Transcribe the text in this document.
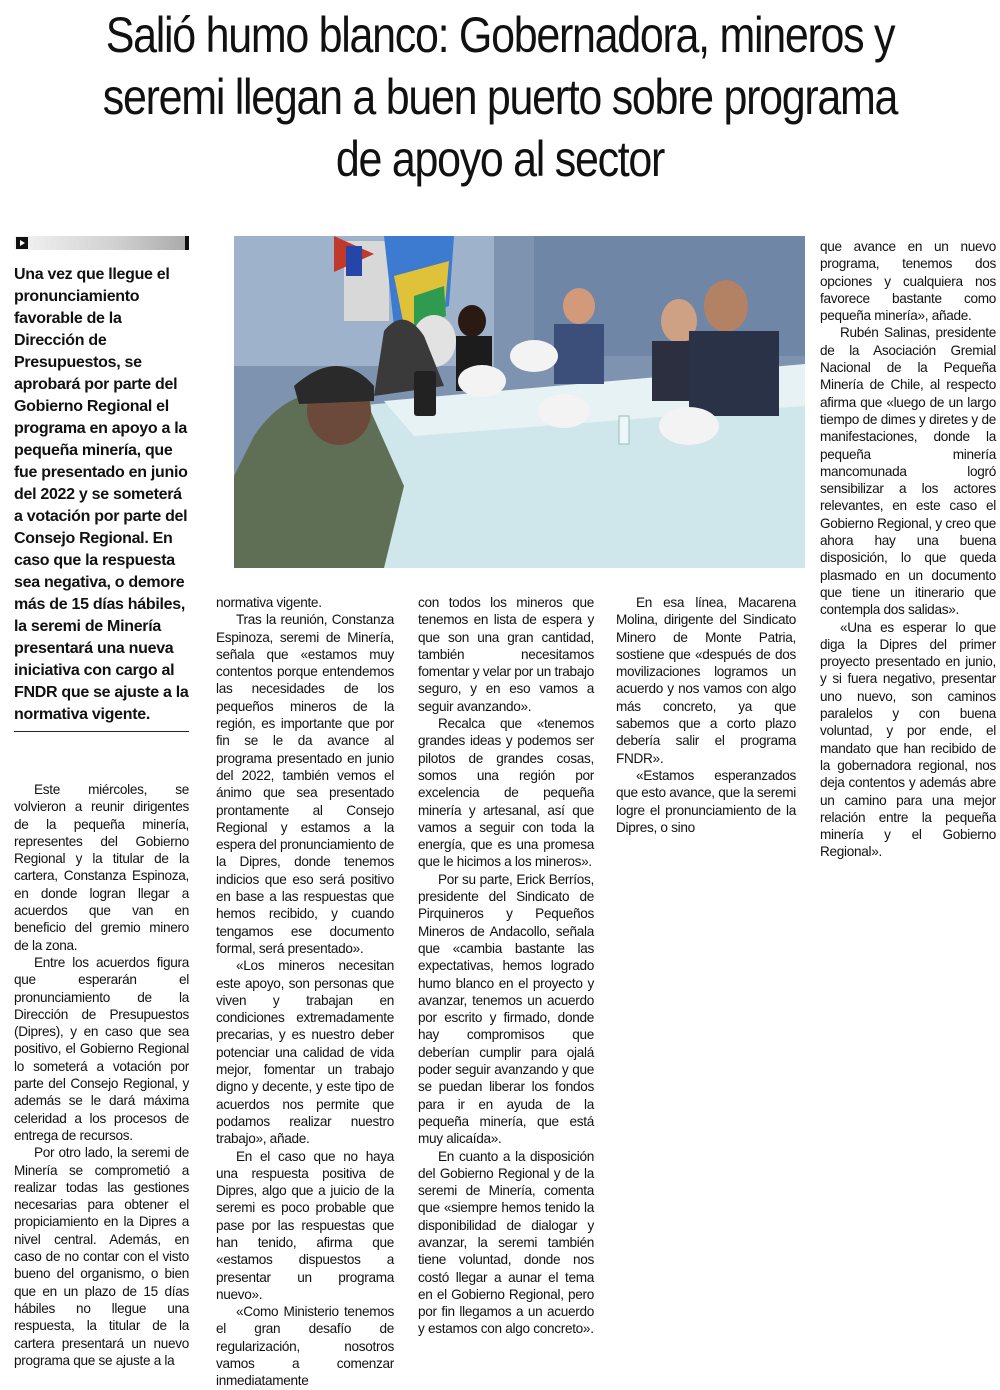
Salió humo blanco: Gobernadora, mineros y seremi llegan a buen puerto sobre programa de apoyo al sector

Una vez que llegue el pronunciamiento favorable de la Dirección de Presupuestos, se aprobará por parte del Gobierno Regional el programa en apoyo a la pequeña minería, que fue presentado en junio del 2022 y se someterá a votación por parte del Consejo Regional. En caso que la respuesta sea negativa, o demore más de 15 días hábiles, la seremi de Minería presentará una nueva iniciativa con cargo al FNDR que se ajuste a la normativa vigente.

Este miércoles, se volvieron a reunir dirigentes de la pequeña minería, representes del Gobierno Regional y la titular de la cartera, Constanza Espinoza, en donde logran llegar a acuerdos que van en beneficio del gremio minero de la zona.

Entre los acuerdos figura que esperarán el pronunciamiento de la Dirección de Presupuestos (Dipres), y en caso que sea positivo, el Gobierno Regional lo someterá a votación por parte del Consejo Regional, y además se le dará máxima celeridad a los procesos de entrega de recursos.

Por otro lado, la seremi de Minería se comprometió a realizar todas las gestiones necesarias para obtener el propiciamiento en la Dipres a nivel central. Además, en caso de no contar con el visto bueno del organismo, o bien que en un plazo de 15 días hábiles no llegue una respuesta, la titular de la cartera presentará un nuevo programa que se ajuste a la

normativa vigente.

Tras la reunión, Constanza Espinoza, seremi de Minería, señala que «estamos muy contentos porque entendemos las necesidades de los pequeños mineros de la región, es importante que por fin se le da avance al programa presentado en junio del 2022, también vemos el ánimo que sea presentado prontamente al Consejo Regional y estamos a la espera del pronunciamiento de la Dipres, donde tenemos indicios que eso será positivo en base a las respuestas que hemos recibido, y cuando tengamos ese documento formal, será presentado».

«Los mineros necesitan este apoyo, son personas que viven y trabajan en condiciones extremadamente precarias, y es nuestro deber potenciar una calidad de vida mejor, fomentar un trabajo digno y decente, y este tipo de acuerdos nos permite que podamos realizar nuestro trabajo», añade.

En el caso que no haya una respuesta positiva de Dipres, algo que a juicio de la seremi es poco probable que pase por las respuestas que han tenido, afirma que «estamos dispuestos a presentar un programa nuevo».

«Como Ministerio tenemos el gran desafío de regularización, nosotros vamos a comenzar inmediatamente

con todos los mineros que tenemos en lista de espera y que son una gran cantidad, también necesitamos fomentar y velar por un trabajo seguro, y en eso vamos a seguir avanzando».

Recalca que «tenemos grandes ideas y podemos ser pilotos de grandes cosas, somos una región por excelencia de pequeña minería y artesanal, así que vamos a seguir con toda la energía, que es una promesa que le hicimos a los mineros».

Por su parte, Erick Berríos, presidente del Sindicato de Pirquineros y Pequeños Mineros de Andacollo, señala que «cambia bastante las expectativas, hemos logrado humo blanco en el proyecto y avanzar, tenemos un acuerdo por escrito y firmado, donde hay compromisos que deberían cumplir para ojalá poder seguir avanzando y que se puedan liberar los fondos para ir en ayuda de la pequeña minería, que está muy alicaída».

En cuanto a la disposición del Gobierno Regional y de la seremi de Minería, comenta que «siempre hemos tenido la disponibilidad de dialogar y avanzar, la seremi también tiene voluntad, donde nos costó llegar a aunar el tema en el Gobierno Regional, pero por fin llegamos a un acuerdo y estamos con algo concreto».

En esa línea, Macarena Molina, dirigente del Sindicato Minero de Monte Patria, sostiene que «después de dos movilizaciones logramos un acuerdo y nos vamos con algo más concreto, ya que sabemos que a corto plazo debería salir el programa FNDR».

«Estamos esperanzados que esto avance, que la seremi logre el pronunciamiento de la Dipres, o sino

que avance en un nuevo programa, tenemos dos opciones y cualquiera nos favorece bastante como pequeña minería», añade.

Rubén Salinas, presidente de la Asociación Gremial Nacional de la Pequeña Minería de Chile, al respecto afirma que «luego de un largo tiempo de dimes y diretes y de manifestaciones, donde la pequeña minería mancomunada logró sensibilizar a los actores relevantes, en este caso el Gobierno Regional, y creo que ahora hay una buena disposición, lo que queda plasmado en un documento que tiene un itinerario que contempla dos salidas».

«Una es esperar lo que diga la Dipres del primer proyecto presentado en junio, y si fuera negativo, presentar uno nuevo, son caminos paralelos y con buena voluntad, y por ende, el mandato que han recibido de la gobernadora regional, nos deja contentos y además abre un camino para una mejor relación entre la pequeña minería y el Gobierno Regional».
